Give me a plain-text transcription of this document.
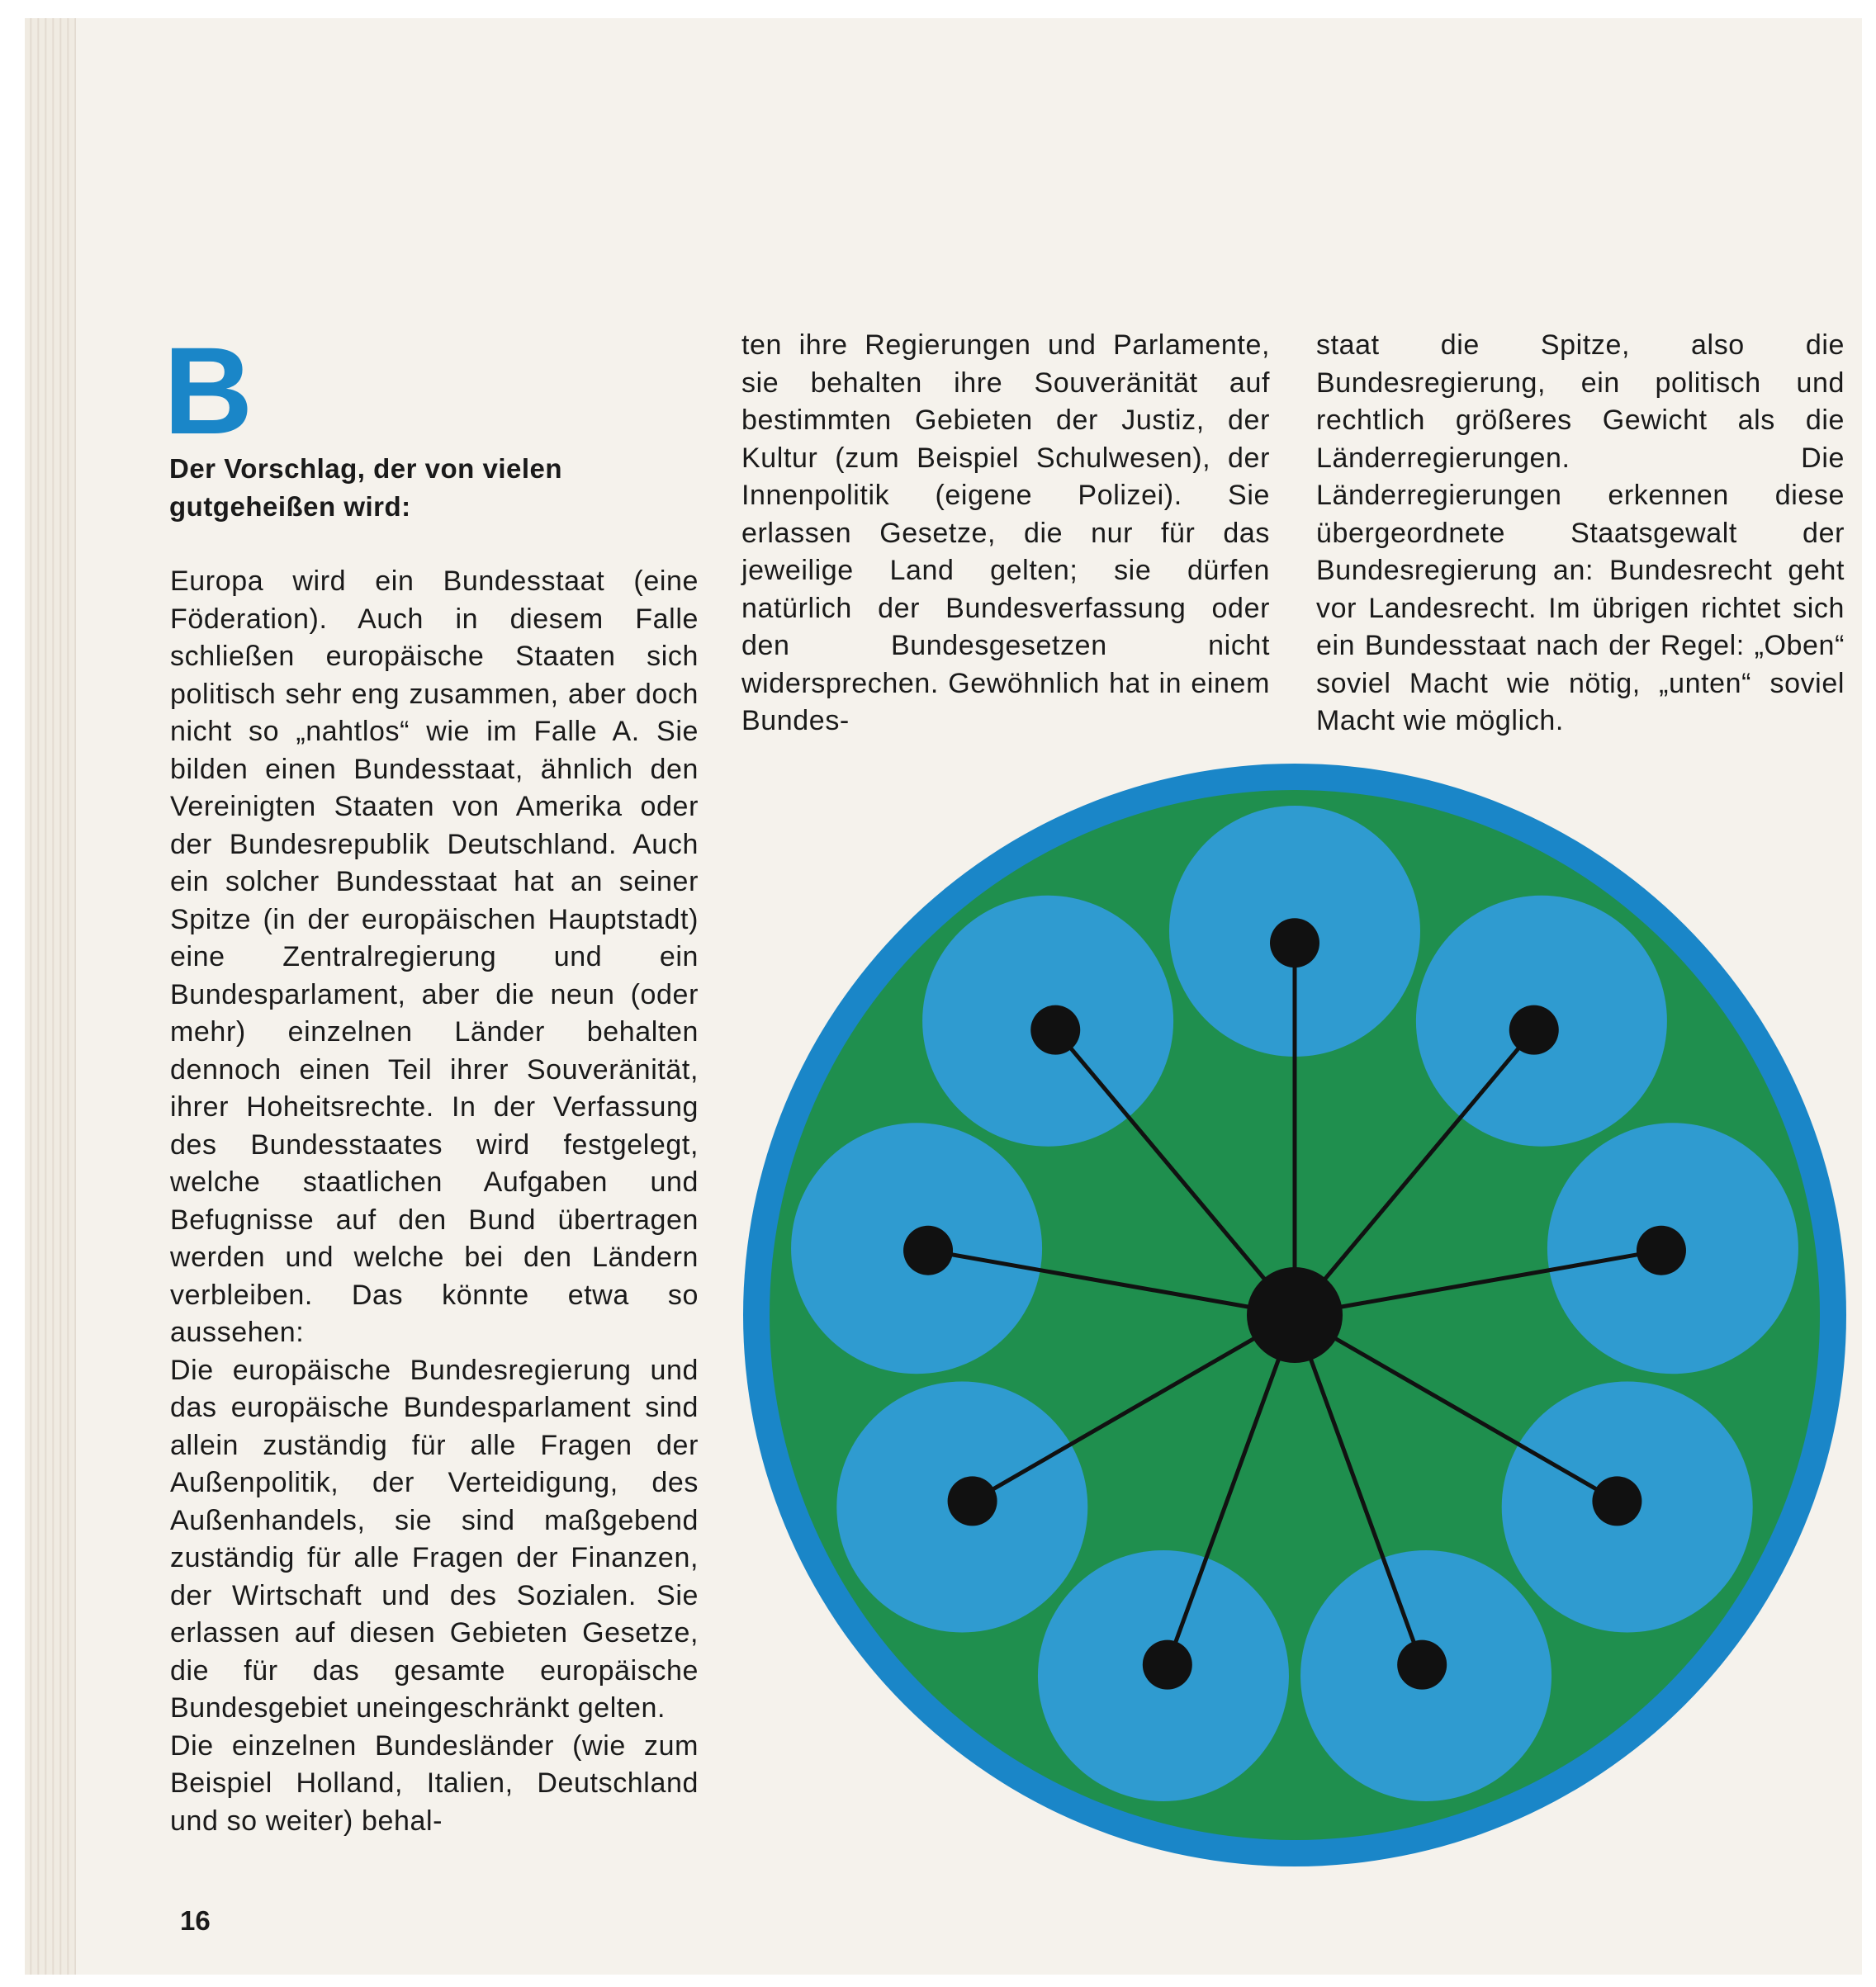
B
Der Vorschlag, der von vielen gutgeheißen wird:
Europa wird ein Bundesstaat (eine Föderation). Auch in diesem Falle schließen europäische Staaten sich politisch sehr eng zusammen, aber doch nicht so „nahtlos“ wie im Falle A. Sie bilden einen Bundesstaat, ähnlich den Vereinigten Staaten von Amerika oder der Bundesrepublik Deutschland. Auch ein solcher Bundesstaat hat an seiner Spitze (in der europäischen Hauptstadt) eine Zentralregierung und ein Bundesparlament, aber die neun (oder mehr) einzelnen Länder behalten dennoch einen Teil ihrer Souveränität, ihrer Hoheitsrechte. In der Verfassung des Bundesstaates wird festgelegt, welche staatlichen Aufgaben und Befugnisse auf den Bund übertragen werden und welche bei den Ländern verbleiben. Das könnte etwa so aussehen:
Die europäische Bundesregierung und das europäische Bundesparlament sind allein zuständig für alle Fragen der Außenpolitik, der Verteidigung, des Außenhandels, sie sind maßgebend zuständig für alle Fragen der Finanzen, der Wirtschaft und des Sozialen. Sie erlassen auf diesen Gebieten Gesetze, die für das gesamte europäische Bundesgebiet uneingeschränkt gelten.
Die einzelnen Bundesländer (wie zum Beispiel Holland, Italien, Deutschland und so weiter) behal-
ten ihre Regierungen und Parlamente, sie behalten ihre Souveränität auf bestimmten Gebieten der Justiz, der Kultur (zum Beispiel Schulwesen), der Innenpolitik (eigene Polizei). Sie erlassen Gesetze, die nur für das jeweilige Land gelten; sie dürfen natürlich der Bundesverfassung oder den Bundesgesetzen nicht widersprechen. Gewöhnlich hat in einem Bundes-
staat die Spitze, also die Bundesregierung, ein politisch und rechtlich größeres Gewicht als die Länderregierungen. Die Länderregierungen erkennen diese übergeordnete Staatsgewalt der Bundesregierung an: Bundesrecht geht vor Landesrecht. Im übrigen richtet sich ein Bundesstaat nach der Regel: „Oben“ soviel Macht wie nötig, „unten“ soviel Macht wie möglich.
16
